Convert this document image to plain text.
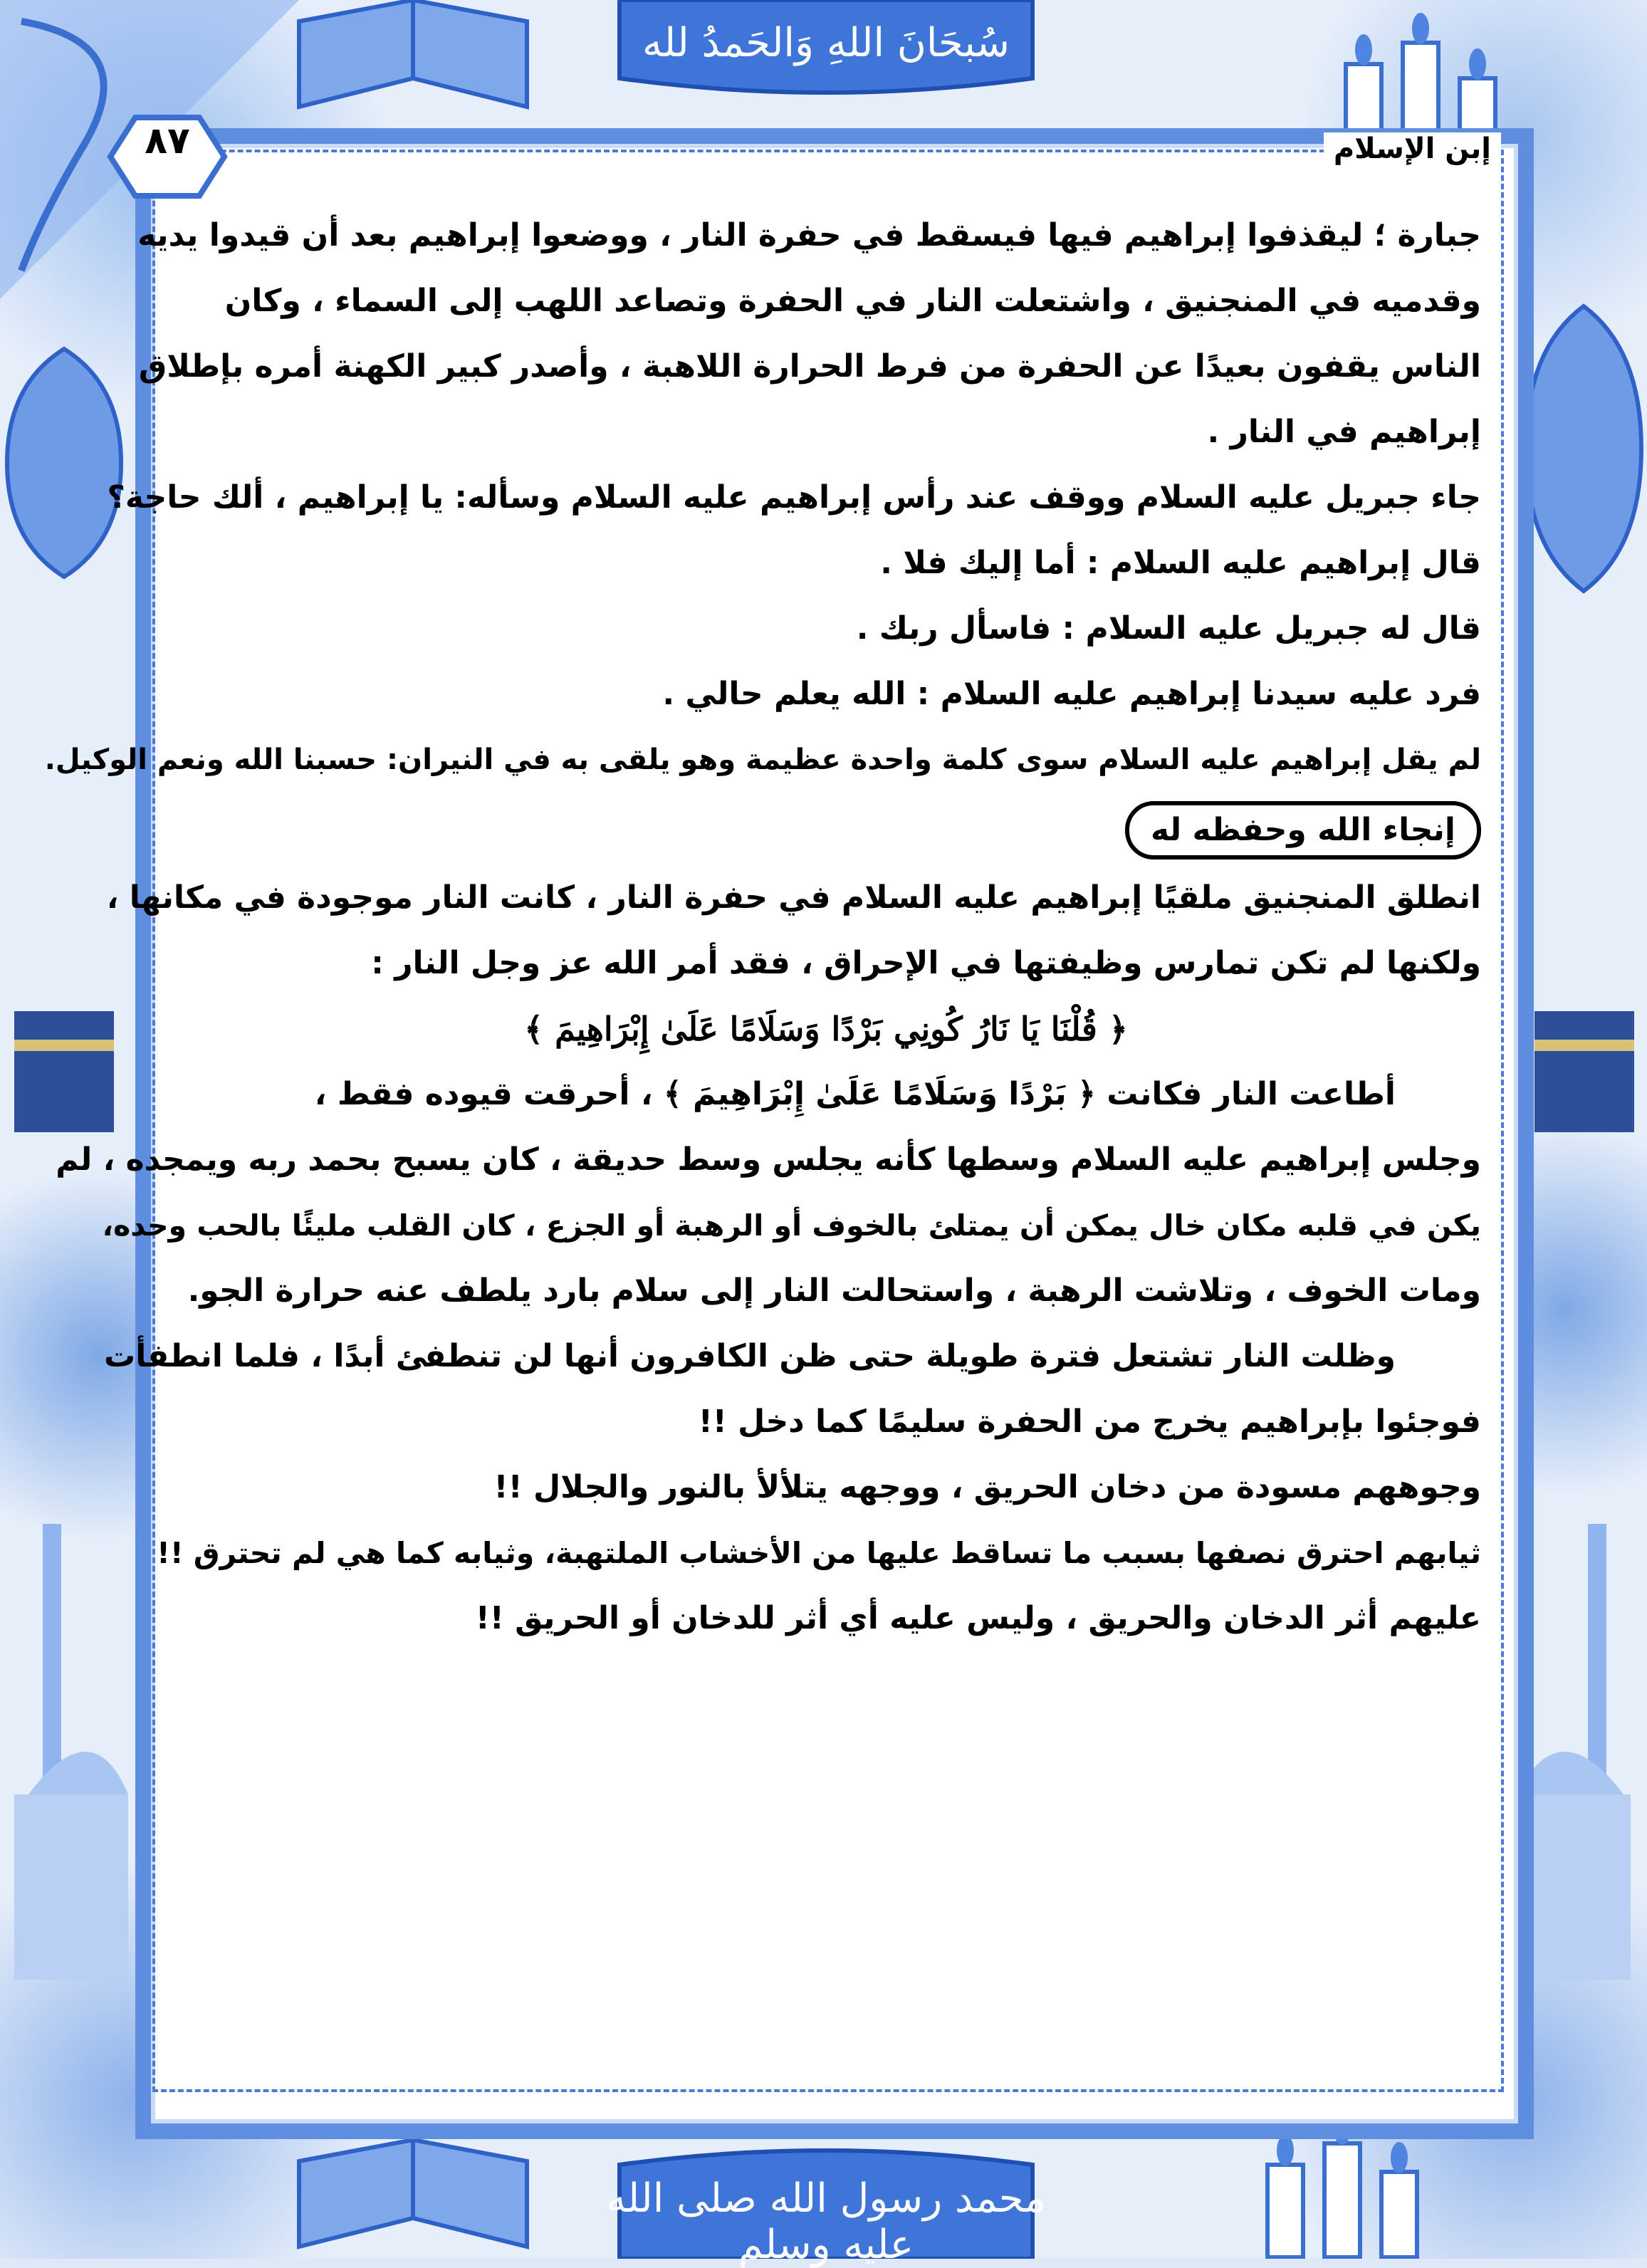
سُبحَانَ اللهِ وَالحَمدُ لله
محمد رسول الله صلى الله عليه وسلم
٨٧	إبن الإسلام
جبارة ؛ ليقذفوا إبراهيم فيها فيسقط في حفرة النار ، ووضعوا إبراهيم بعد أن قيدوا يديه
وقدميه في المنجنيق ، واشتعلت النار في الحفرة وتصاعد اللهب إلى السماء ، وكان
الناس يقفون بعيدًا عن الحفرة من فرط الحرارة اللاهبة ، وأصدر كبير الكهنة أمره بإطلاق
إبراهيم في النار .
جاء جبريل عليه السلام ووقف عند رأس إبراهيم عليه السلام وسأله: يا إبراهيم ، ألك حاجة؟
قال إبراهيم عليه السلام : أما إليك فلا .
قال له جبريل عليه السلام : فاسأل ربك .
فرد عليه سيدنا إبراهيم عليه السلام : الله يعلم حالي .
لم يقل إبراهيم عليه السلام سوى كلمة واحدة عظيمة وهو يلقى به في النيران: حسبنا الله ونعم الوكيل.
إنجاء الله وحفظه له
انطلق المنجنيق ملقيًا إبراهيم عليه السلام في حفرة النار ، كانت النار موجودة في مكانها ،
ولكنها لم تكن تمارس وظيفتها في الإحراق ، فقد أمر الله عز وجل النار :
﴿ قُلْنَا يَا نَارُ كُونِي بَرْدًا وَسَلَامًا عَلَىٰ إِبْرَاهِيمَ ﴾
أطاعت النار فكانت ﴿ بَرْدًا وَسَلَامًا عَلَىٰ إِبْرَاهِيمَ ﴾ ، أحرقت قيوده فقط ،
وجلس إبراهيم عليه السلام وسطها كأنه يجلس وسط حديقة ، كان يسبح بحمد ربه ويمجده ، لم
يكن في قلبه مكان خال يمكن أن يمتلئ بالخوف أو الرهبة أو الجزع ، كان القلب مليئًا بالحب وحده،
ومات الخوف ، وتلاشت الرهبة ، واستحالت النار إلى سلام بارد يلطف عنه حرارة الجو.
وظلت النار تشتعل فترة طويلة حتى ظن الكافرون أنها لن تنطفئ أبدًا ، فلما انطفأت
فوجئوا بإبراهيم يخرج من الحفرة سليمًا كما دخل !!
وجوههم مسودة من دخان الحريق ، ووجهه يتلألأ بالنور والجلال !!
ثيابهم احترق نصفها بسبب ما تساقط عليها من الأخشاب الملتهبة، وثيابه كما هي لم تحترق !!
عليهم أثر الدخان والحريق ، وليس عليه أي أثر للدخان أو الحريق !!
